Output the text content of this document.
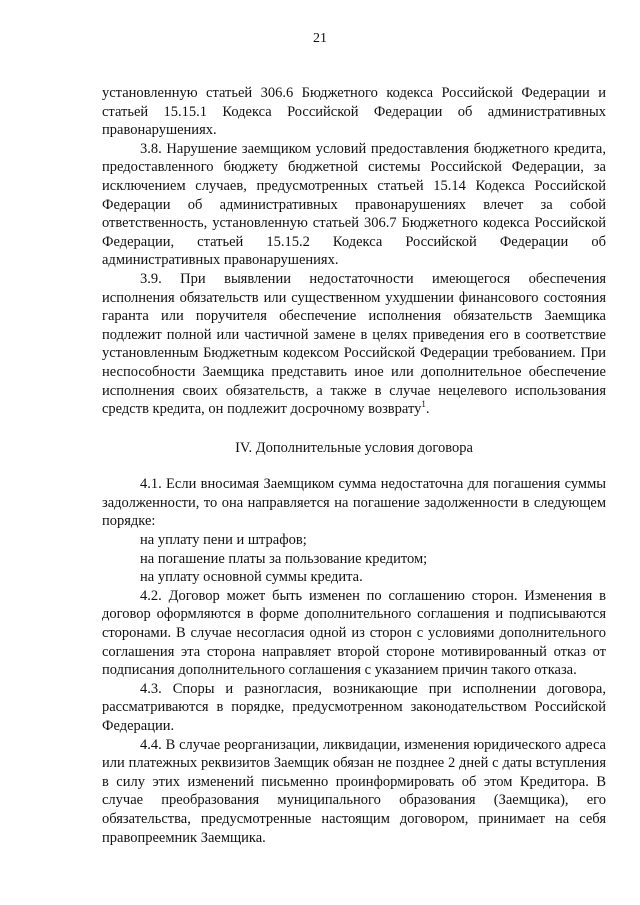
21

установленную статьей 306.6 Бюджетного кодекса Российской Федерации и статьей 15.15.1 Кодекса Российской Федерации об административных правонарушениях.

3.8. Нарушение заемщиком условий предоставления бюджетного кредита, предоставленного бюджету бюджетной системы Российской Федерации, за исключением случаев, предусмотренных статьей 15.14 Кодекса Российской Федерации об административных правонарушениях влечет за собой ответственность, установленную статьей 306.7 Бюджетного кодекса Российской Федерации, статьей 15.15.2 Кодекса Российской Федерации об административных правонарушениях.

3.9. При выявлении недостаточности имеющегося обеспечения исполнения обязательств или существенном ухудшении финансового состояния гаранта или поручителя обеспечение исполнения обязательств Заемщика подлежит полной или частичной замене в целях приведения его в соответствие установленным Бюджетным кодексом Российской Федерации требованием. При неспособности Заемщика представить иное или дополнительное обеспечение исполнения своих обязательств, а также в случае нецелевого использования средств кредита, он подлежит досрочному возврату$^1$.

IV. Дополнительные условия договора

4.1. Если вносимая Заемщиком сумма недостаточна для погашения суммы задолженности, то она направляется на погашение задолженности в следующем порядке:

на уплату пени и штрафов;

на погашение платы за пользование кредитом;

на уплату основной суммы кредита.

4.2. Договор может быть изменен по соглашению сторон. Изменения в договор оформляются в форме дополнительного соглашения и подписываются сторонами. В случае несогласия одной из сторон с условиями дополнительного соглашения эта сторона направляет второй стороне мотивированный отказ от подписания дополнительного соглашения с указанием причин такого отказа.

4.3. Споры и разногласия, возникающие при исполнении договора, рассматриваются в порядке, предусмотренном законодательством Российской Федерации.

4.4. В случае реорганизации, ликвидации, изменения юридического адреса или платежных реквизитов Заемщик обязан не позднее 2 дней с даты вступления в силу этих изменений письменно проинформировать об этом Кредитора. В случае преобразования муниципального образования (Заемщика), его обязательства, предусмотренные настоящим договором, принимает на себя правопреемник Заемщика.
